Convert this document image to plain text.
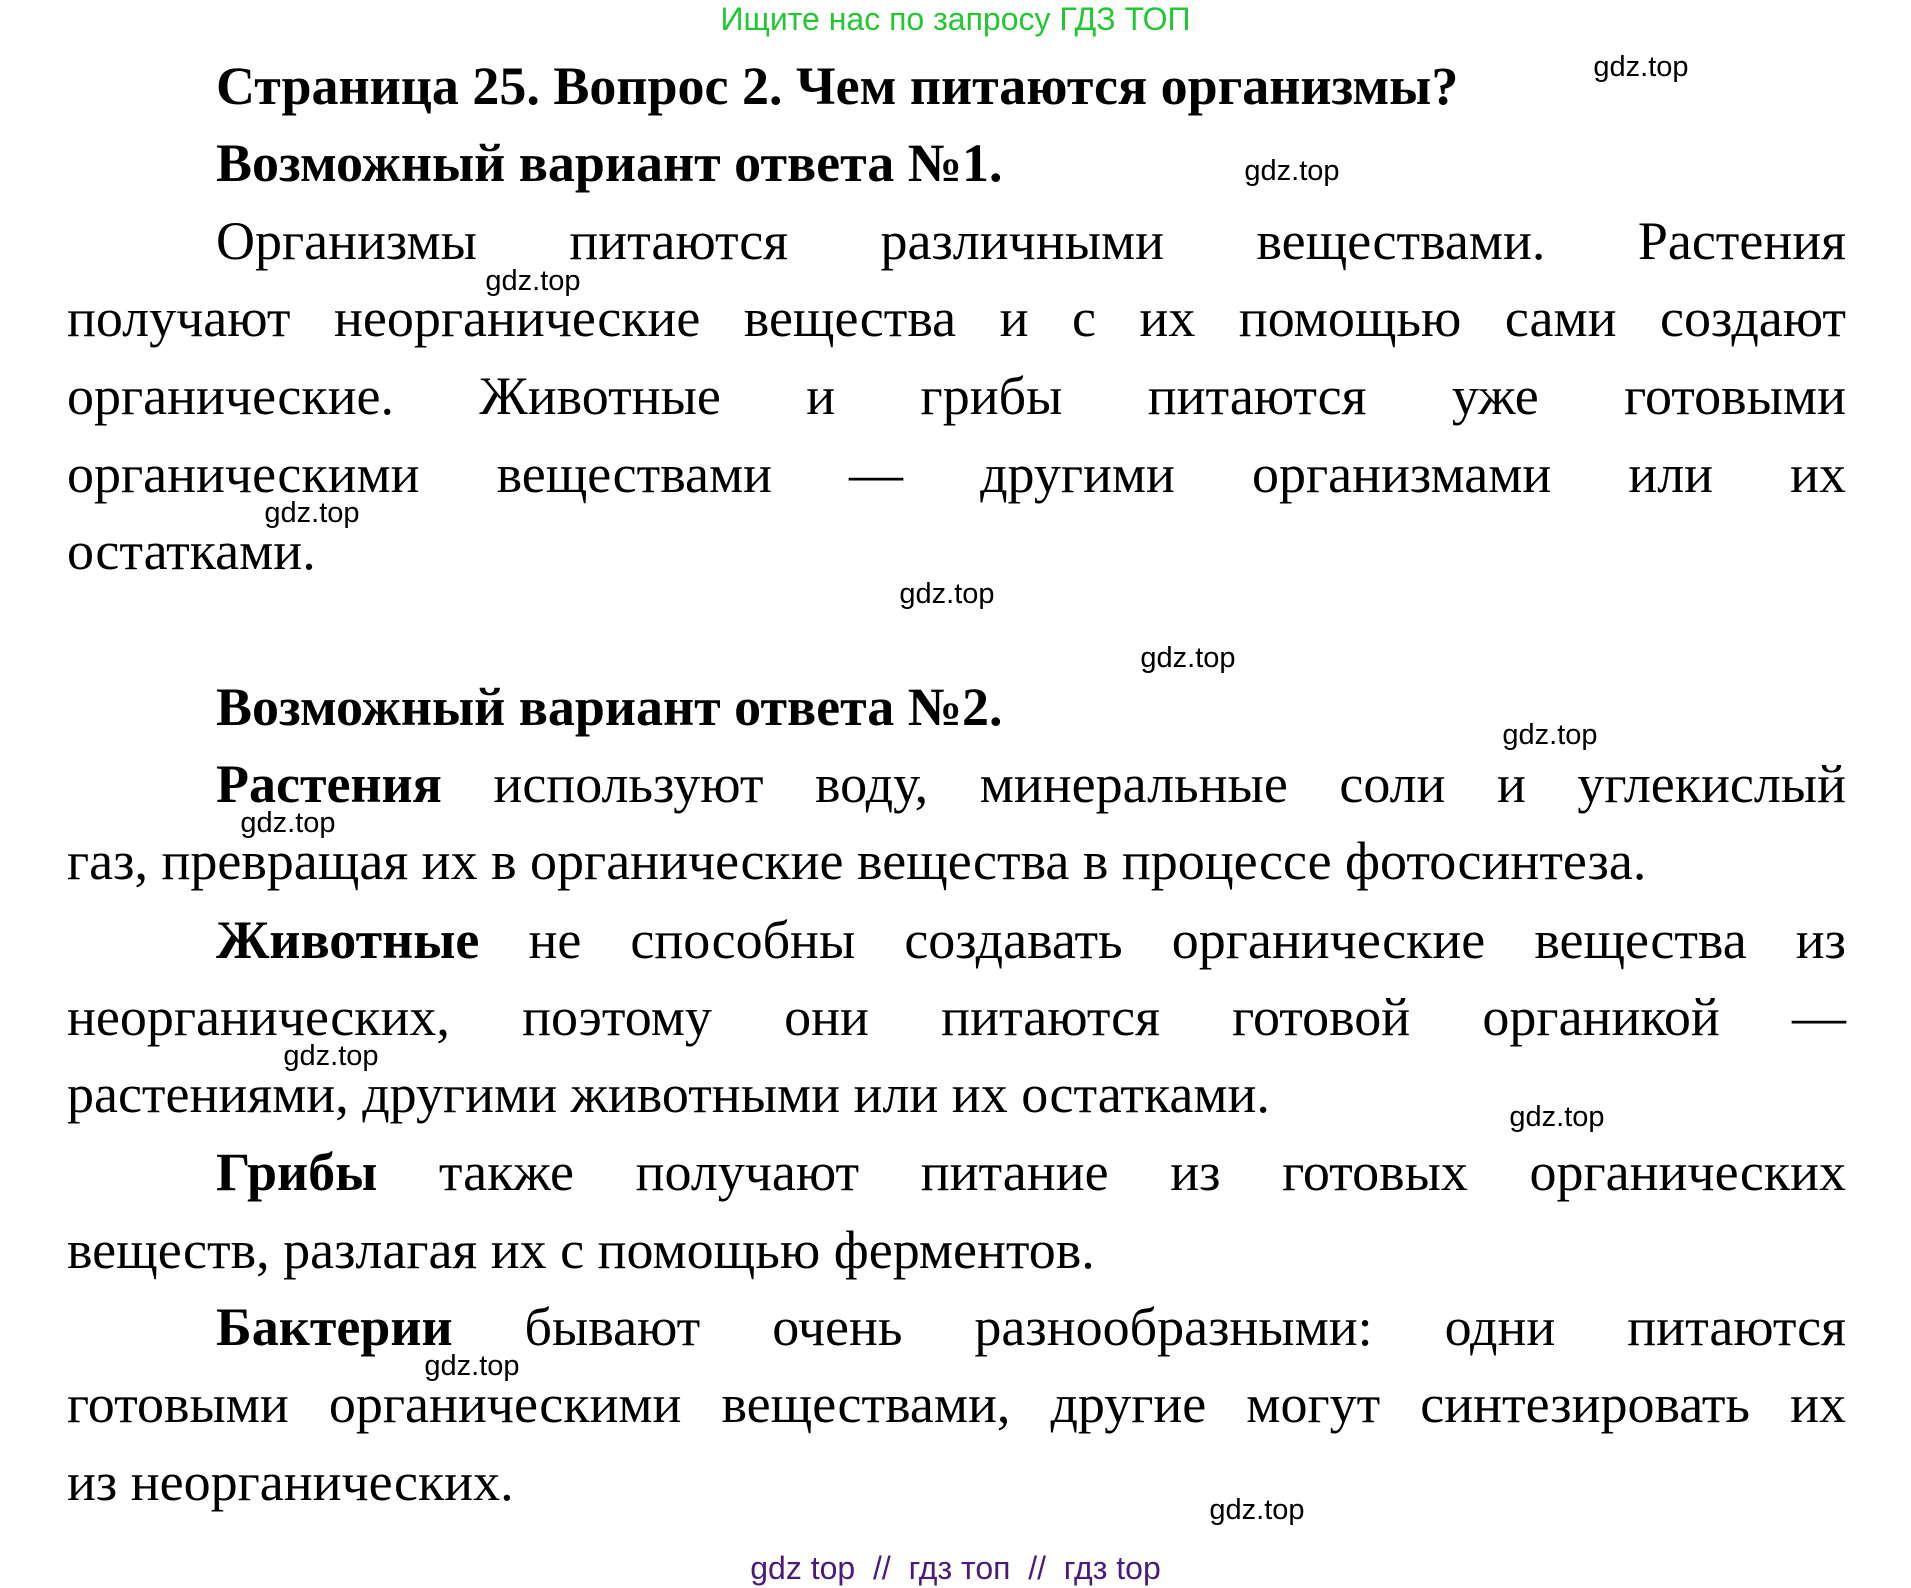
Ищите нас по запросу ГДЗ ТОП
Страница 25. Вопрос 2. Чем питаются организмы?
Возможный вариант ответа №1.
Организмы питаются различными веществами. Растения
получают неорганические вещества и с их помощью сами создают
органические. Животные и грибы питаются уже готовыми
органическими веществами — другими организмами или их
остатками.
Возможный вариант ответа №2.
Растения используют воду, минеральные соли и углекислый
газ, превращая их в органические вещества в процессе фотосинтеза.
Животные не способны создавать органические вещества из
неорганических, поэтому они питаются готовой органикой —
растениями, другими животными или их остатками.
Грибы также получают питание из готовых органических
веществ, разлагая их с помощью ферментов.
Бактерии бывают очень разнообразными: одни питаются
готовыми органическими веществами, другие могут синтезировать их
из неорганических.
gdz.top
gdz.top
gdz.top
gdz.top
gdz.top
gdz.top
gdz.top
gdz.top
gdz.top
gdz.top
gdz.top
gdz.top
gdz top // гдз топ // гдз top
